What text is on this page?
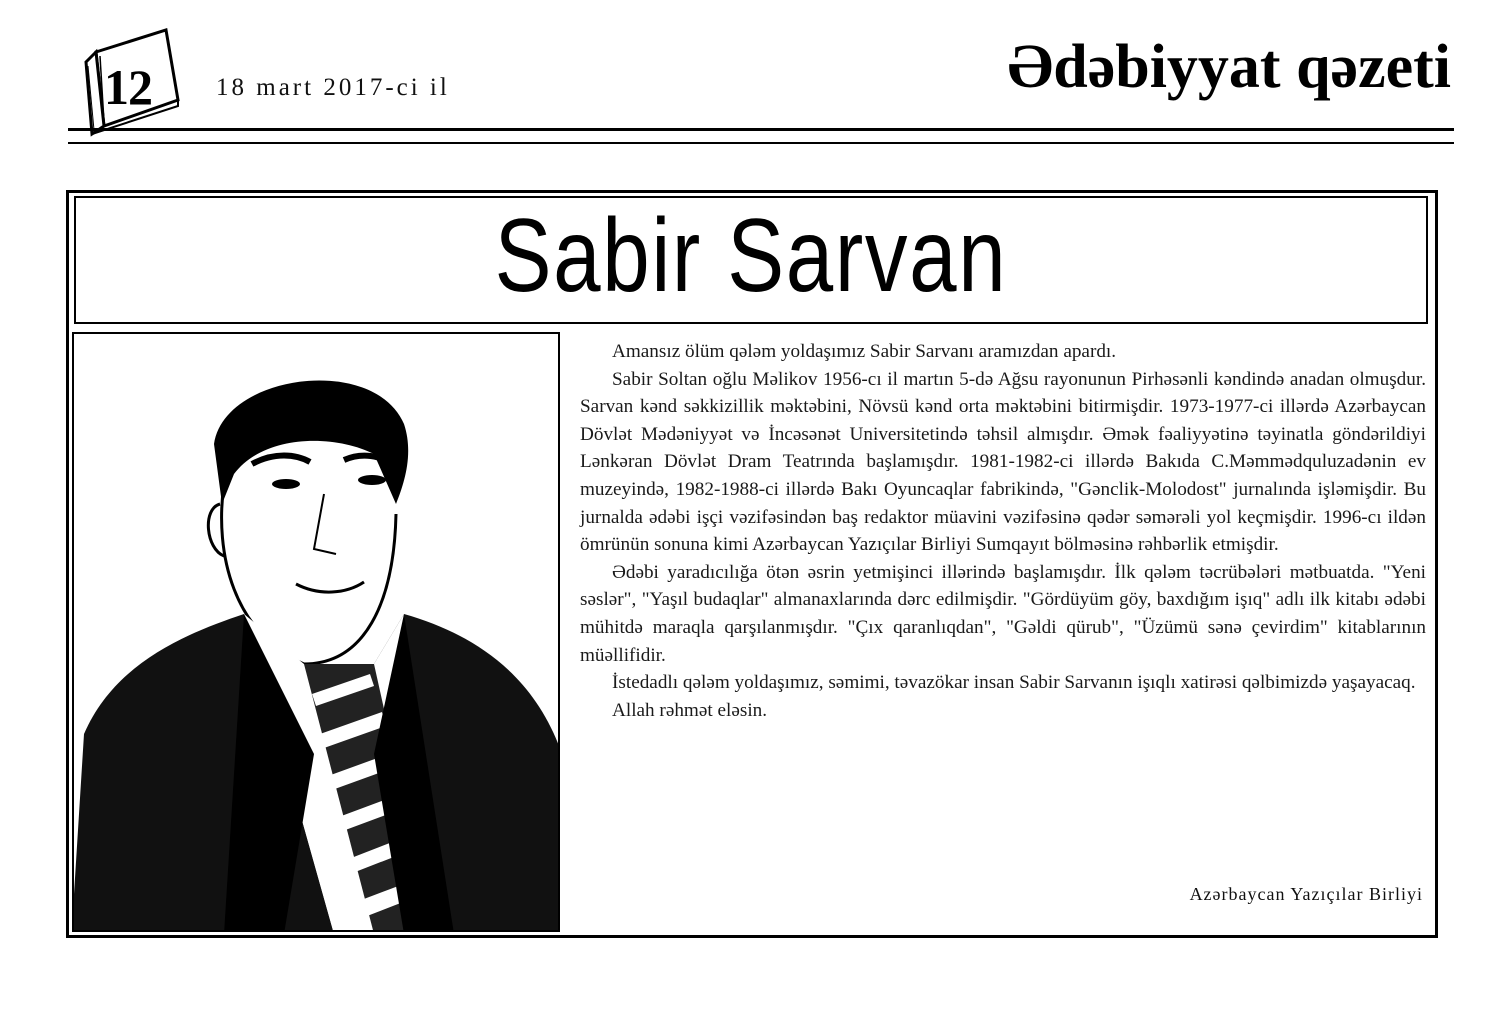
12	18 mart 2017-ci il	Ədəbiyyat qəzeti
Sabir Sarvan

Amansız ölüm qələm yoldaşımız Sabir Sarvanı aramızdan apardı.

Sabir Soltan oğlu Məlikov 1956-cı il martın 5-də Ağsu rayonunun Pirhəsənli kəndində anadan olmuşdur. Sarvan kənd səkkizillik məktəbini, Növsü kənd orta məktəbini bitirmişdir. 1973-1977-ci illərdə Azərbaycan Dövlət Mədəniyyət və İncəsənət Universitetində təhsil almışdır. Əmək fəaliyyətinə təyinatla göndərildiyi Lənkəran Dövlət Dram Teatrında başlamışdır. 1981-1982-ci illərdə Bakıda C.Məmmədquluzadənin ev muzeyində, 1982-1988-ci illərdə Bakı Oyuncaqlar fabrikində, "Gənclik-Molodost" jurnalında işləmişdir. Bu jurnalda ədəbi işçi vəzifəsindən baş redaktor müavini vəzifəsinə qədər səmərəli yol keçmişdir. 1996-cı ildən ömrünün sonuna kimi Azərbaycan Yazıçılar Birliyi Sumqayıt bölməsinə rəhbərlik etmişdir.

Ədəbi yaradıcılığa ötən əsrin yetmişinci illərində başlamışdır. İlk qələm təcrübələri mətbuatda. "Yeni səslər", "Yaşıl budaqlar" almanaxlarında dərc edilmişdir. "Gördüyüm göy, baxdığım işıq" adlı ilk kitabı ədəbi mühitdə maraqla qarşılanmışdır. "Çıx qaranlıqdan", "Gəldi qürub", "Üzümü sənə çevirdim" kitablarının müəllifidir.

İstedadlı qələm yoldaşımız, səmimi, təvazökar insan Sabir Sarvanın işıqlı xatirəsi qəlbimizdə yaşayacaq.

Allah rəhmət eləsin.

Azərbaycan Yazıçılar Birliyi
